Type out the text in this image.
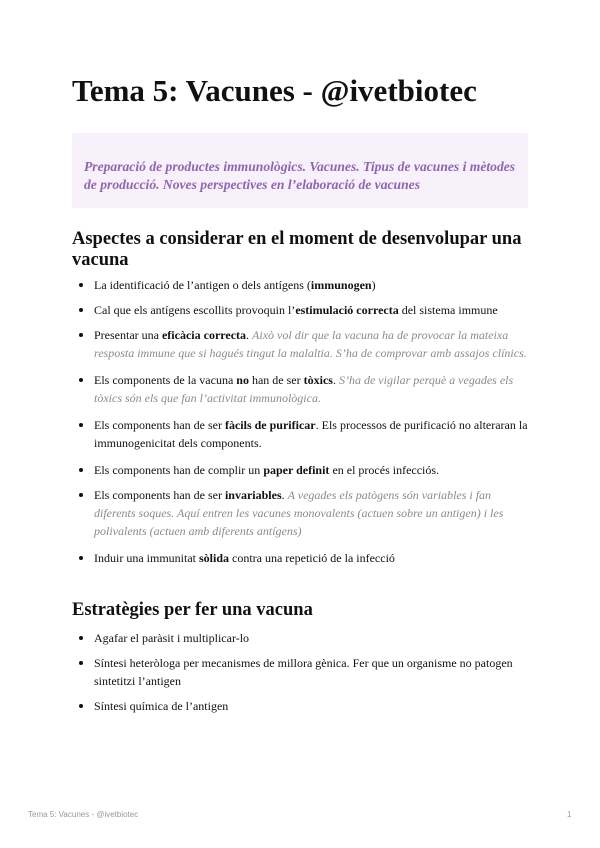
Tema 5: Vacunes - @ivetbiotec

Preparació de productes immunològics. Vacunes. Tipus de vacunes i mètodes de producció. Noves perspectives en l’elaboració de vacunes

Aspectes a considerar en el moment de desenvolupar una vacuna
La identificació de l’antigen o dels antígens (immunogen)
Cal que els antígens escollits provoquin l’estimulació correcta del sistema immune
Presentar una eficàcia correcta. Això vol dir que la vacuna ha de provocar la mateixa resposta immune que si hagués tingut la malaltia. S’ha de comprovar amb assajos clínics.
Els components de la vacuna no han de ser tòxics. S’ha de vigilar perquè a vegades els tòxics són els que fan l’activitat immunològica.
Els components han de ser fàcils de purificar. Els processos de purificació no alteraran la immunogenicitat dels components.
Els components han de complir un paper definit en el procés infecciós.
Els components han de ser invariables. A vegades els patògens són variables i fan diferents soques. Aquí entren les vacunes monovalents (actuen sobre un antigen) i les polivalents (actuen amb diferents antígens)
Induir una immunitat sòlida contra una repetició de la infecció
Estratègies per fer una vacuna
Agafar el paràsit i multiplicar-lo
Síntesi heteròloga per mecanismes de millora gènica. Fer que un organisme no patogen sintetitzi l’antigen
Síntesi química de l’antigen
Tema 5: Vacunes - @ivetbiotec	1
